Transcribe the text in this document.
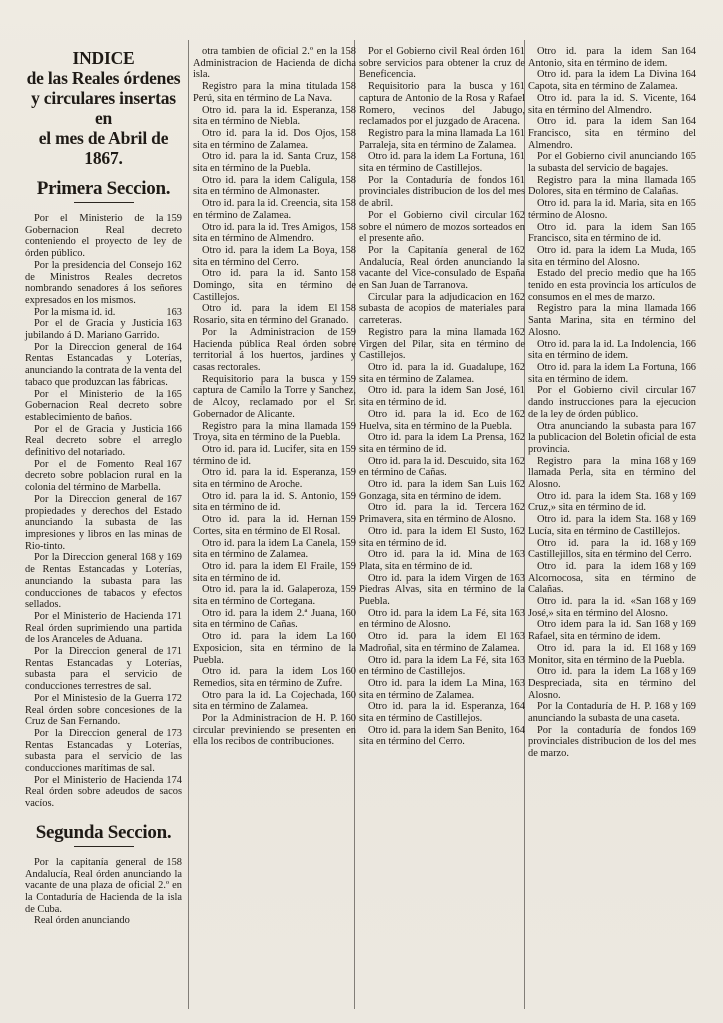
INDICE
de las Reales órdenes
y circulares insertas en
el mes de Abril de 1867.
Primera Seccion.

159
Por el Ministerio de la Gobernacion Real decreto conteniendo el proyecto de ley de órden público.

162
Por la presidencia del Consejo de Ministros Reales decretos nombrando senadores á los señores expresados en los mismos.

163
Por la misma id. id.

163
Por el de Gracia y Justicia jubilando á D. Mariano Garrido.

164
Por la Direccion general de Rentas Estancadas y Loterías, anunciando la contrata de la venta del tabaco que produzcan las fábricas.

165
Por el Ministerio de la Gobernacion Real decreto sobre establecimiento de baños.

166
Por el de Gracia y Justicia Real decreto sobre el arreglo definitivo del notariado.

167
Por el de Fomento Real decreto sobre poblacion rural en la colonia del término de Marbella.

167
Por la Direccion general de propiedades y derechos del Estado anunciando la subasta de las impresiones y libros en las minas de Rio-tinto.

168 y 169
Por la Direccion general de Rentas Estancadas y Loterías, anunciando la subasta para las conducciones de tabacos y efectos sellados.

171
Por el Ministerio de Hacienda Real órden suprimiendo una partida de los Aranceles de Aduana.

171
Por la Direccion general de Rentas Estancadas y Loterías, subasta para el servicio de conducciones terrestres de sal.

172
Por el Ministesio de la Guerra Real órden sobre concesiones de la Cruz de San Fernando.

173
Por la Direccion general de Rentas Estancadas y Loterías, subasta para el servicio de las conducciones marítimas de sal.

174
Por el Ministerio de Hacienda Real órden sobre adeudos de sacos vacíos.

Segunda Seccion.

158
Por la capitanía general de Andalucía, Real órden anunciando la vacante de una plaza de oficial 2.º en la Contaduría de Hacienda de la isla de Cuba.

Real órden anunciando

158
otra tambien de oficial 2.º en la Administracion de Hacienda de dicha isla.

158
Registro para la mina titulada Perú, sita en término de La Nava.

158
Otro id. para la id. Esperanza, sita en término de Niebla.

158
Otro id. para la id. Dos Ojos, sita en término de Zalamea.

158
Otro id. para la id. Santa Cruz, sita en término de la Puebla.

158
Otro id. para la idem Calígula, sita en término de Almonaster.

158
Otro id. para la id. Creencia, sita en término de Zalamea.

158
Otro id. para la id. Tres Amigos, sita en término de Almendro.

158
Otro id. para la idem La Boya, sita en término del Cerro.

158
Otro id. para la id. Santo Domingo, sita en término de Castillejos.

158
Otro id. para la idem El Rosario, sita en término del Granado.

159
Por la Administracion de Hacienda pública Real órden sobre territorial á los huertos, jardines y casas rectorales.

159
Requisitorio para la busca y captura de Camilo la Torre y Sanchez, de Alcoy, reclamado por el Sr. Gobernador de Alicante.

159
Registro para la mina llamada Troya, sita en término de la Puebla.

159
Otro id. para id. Lucifer, sita en término de id.

159
Otro id. para la id. Esperanza, sita en término de Aroche.

159
Otro id. para la id. S. Antonio, sita en término de id.

159
Otro id. para la id. Hernan Cortes, sita en término de El Rosal.

159
Otro id. para la idem La Canela, sita en término de Zalamea.

159
Otro id. para la idem El Fraile, sita en término de id.

159
Otro id. para la id. Galaperoza, sita en término de Cortegana.

160
Otro id. para la idem 2.ª Juana, sita en término de Cañas.

160
Otro id. para la idem La Exposicion, sita en término de la Puebla.

160
Otro id. para la idem Los Remedios, sita en término de Zufre.

160
Otro para la id. La Cojechada, sita en término de Zalamea.

160
Por la Administracion de H. P. circular previniendo se presenten en ella los recibos de contribuciones.

161
Por el Gobierno civil Real órden sobre servicios para obtener la cruz de Beneficencia.

161
Requisitorio para la busca y captura de Antonio de la Rosa y Rafael Romero, vecinos del Jabugo, reclamados por el juzgado de Aracena.

161
Registro para la mina llamada La Parraleja, sita en término de Zalamea.

161
Otro id. para la idem La Fortuna, sita en término de Castillejos.

161
Por la Contaduría de fondos provinciales distribucion de los del mes de abril.

162
Por el Gobierno civil circular sobre el número de mozos sorteados en el presente año.

162
Por la Capitanía general de Andalucía, Real órden anunciando la vacante del Vice-consulado de España en San Juan de Tarranova.

162
Circular para la adjudicacion en subasta de acopios de materiales para carreteras.

162
Registro para la mina llamada Virgen del Pilar, sita en término de Castillejos.

162
Otro id. para la id. Guadalupe, sita en término de Zalamea.

161
Otro id. para la idem San José, sita en término de id.

162
Otro id. para la id. Eco de Huelva, sita en término de la Puebla.

162
Otro id. para la idem La Prensa, sita en término de id.

162
Otro id. para la id. Descuido, sita en término de Cañas.

162
Otro id. para la idem San Luis Gonzaga, sita en término de idem.

162
Otro id. para la id. Tercera Primavera, sita en término de Alosno.

162
Otro id. para la idem El Susto, sita en término de id.

163
Otro id. para la id. Mina de Plata, sita en término de id.

163
Otro id. para la idem Virgen de Piedras Alvas, sita en término de la Puebla.

163
Otro id. para la idem La Fé, sita en término de Alosno.

163
Otro id. para la idem El Madroñal, sita en término de Zalamea.

163
Otro id. para la idem La Fé, sita en término de Castillejos.

163
Otro id. para la idem La Mina, sita en término de Zalamea.

164
Otro id. para la id. Esperanza, sita en término de Castillejos.

164
Otro id. para la idem San Benito, sita en término del Cerro.

164
Otro id. para la idem San Antonio, sita en término de idem.

164
Otro id. para la idem La Divina Capota, sita en término de Zalamea.

164
Otro id. para la id. S. Vicente, sita en término del Almendro.

164
Otro id. para la idem San Francisco, sita en término del Almendro.

165
Por el Gobierno civil anunciando la subasta del servicio de bagajes.

165
Registro para la mina llamada Dolores, sita en término de Calañas.

165
Otro id. para la id. Maria, sita en término de Alosno.

165
Otro id. para la idem San Francisco, sita en término de id.

165
Otro id. para la idem La Muda, sita en término del Alosno.

165
Estado del precio medio que ha tenido en esta provincia los artículos de consumos en el mes de marzo.

166
Registro para la mina llamada Santa Marina, sita en término del Alosno.

166
Otro id. para la id. La Indolencia, sita en término de idem.

166
Otro id. para la idem La Fortuna, sita en término de idem.

167
Por el Gobierno civil circular dando instrucciones para la ejecucion de la ley de órden público.

167
Otra anunciando la subasta para la publicacion del Boletin oficial de esta provincia.

168 y 169
Registro para la mina llamada Perla, sita en término del Alosno.

168 y 169
Otro id. para la idem Sta. Cruz,» sita en término de id.

168 y 169
Otro id. para la idem Sta. Lucía, sita en término de Castillejos.

168 y 169
Otro id. para la id. Castillejillos, sita en término del Cerro.

168 y 169
Otro id. para la idem Alcornocosa, sita en término de Calañas.

168 y 169
Otro id. para la id. «San José,» sita en término del Alosno.

168 y 169
Otro idem para la id. San Rafael, sita en término de idem.

168 y 169
Otro id. para la id. El Monitor, sita en término de la Puebla.

168 y 169
Otro id. para la idem La Despreciada, sita en término del Alosno.

168 y 169
Por la Contaduría de H. P. anunciando la subasta de una caseta.

169
Por la contaduría de fondos provinciales distribucion de los del mes de marzo.
